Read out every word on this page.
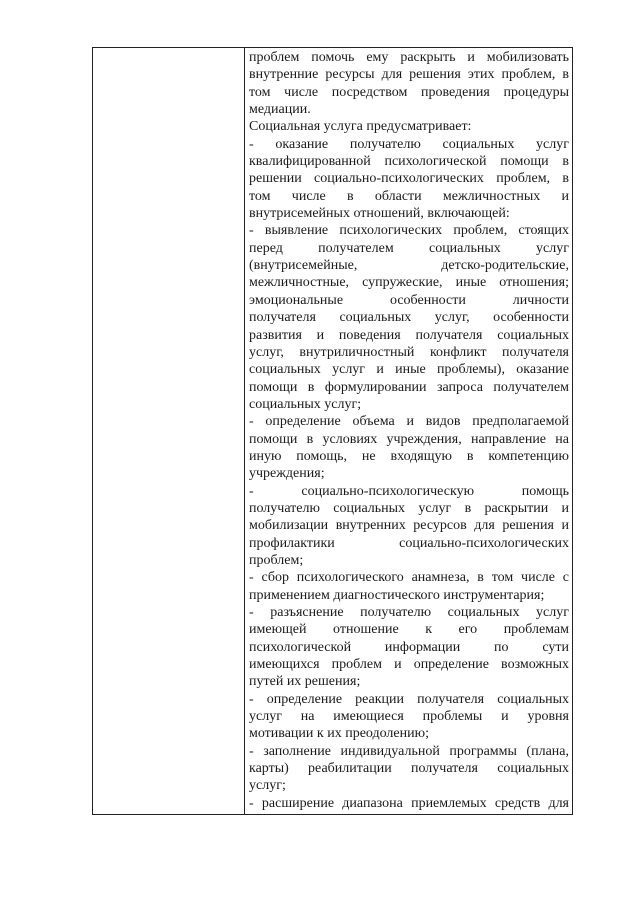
проблем помочь ему раскрыть и мобилизовать
внутренние ресурсы для решения этих проблем, в
том числе посредством проведения процедуры
медиации.
Социальная услуга предусматривает:
- оказание получателю социальных услуг
квалифицированной психологической помощи в
решении социально-психологических проблем, в
том числе в области межличностных и
внутрисемейных отношений, включающей:
- выявление психологических проблем, стоящих
перед получателем социальных услуг
(внутрисемейные, детско-родительские,
межличностные, супружеские, иные отношения;
эмоциональные особенности личности
получателя социальных услуг, особенности
развития и поведения получателя социальных
услуг, внутриличностный конфликт получателя
социальных услуг и иные проблемы), оказание
помощи в формулировании запроса получателем
социальных услуг;
- определение объема и видов предполагаемой
помощи в условиях учреждения, направление на
иную помощь, не входящую в компетенцию
учреждения;
- социально-психологическую помощь
получателю социальных услуг в раскрытии и
мобилизации внутренних ресурсов для решения и
профилактики социально-психологических
проблем;
- сбор психологического анамнеза, в том числе с
применением диагностического инструментария;
- разъяснение получателю социальных услуг
имеющей отношение к его проблемам
психологической информации по сути
имеющихся проблем и определение возможных
путей их решения;
- определение реакции получателя социальных
услуг на имеющиеся проблемы и уровня
мотивации к их преодолению;
- заполнение индивидуальной программы (плана,
карты) реабилитации получателя социальных
услуг;
- расширение диапазона приемлемых средств для
